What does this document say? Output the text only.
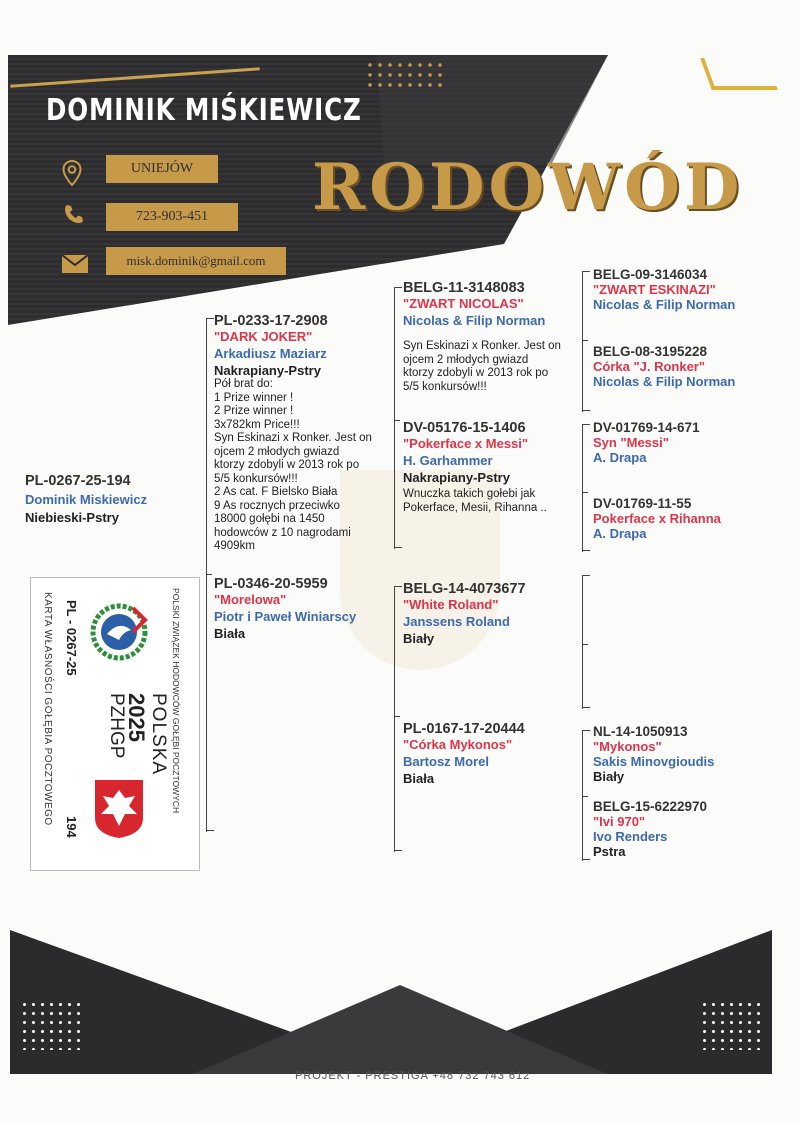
DOMINIK MIŚKIEWICZ
RODOWÓD
UNIEJÓW
723-903-451
misk.dominik@gmail.com
PL-0267-25-194
Dominik Miskiewicz
Niebieski-Pstry
PL-0233-17-2908
"DARK JOKER"
Arkadiusz Maziarz
Nakrapiany-Pstry
Pół brat do:
1 Prize winner !
2 Prize winner !
3x782km Price!!!
Syn Eskinazi x Ronker. Jest on
ojcem 2 młodych gwiazd
ktorzy zdobyli w 2013 rok po
5/5 konkursów!!!
2 As cat. F Bielsko Biała
9 As rocznych przeciwko
18000 gołębi na 1450
hodowców z 10 nagrodami
4909km
PL-0346-20-5959
"Morelowa"
Piotr i Paweł Winiarscy
Biała
BELG-11-3148083
"ZWART NICOLAS"
Nicolas & Filip Norman
Syn Eskinazi x Ronker. Jest on
ojcem 2 młodych gwiazd
ktorzy zdobyli w 2013 rok po
5/5 konkursów!!!
DV-05176-15-1406
"Pokerface x Messi"
H. Garhammer
Nakrapiany-Pstry
Wnuczka takich gołebi jak
Pokerface, Mesii, Rihanna ..
BELG-14-4073677
"White Roland"
Janssens Roland
Biały
PL-0167-17-20444
"Córka Mykonos"
Bartosz Morel
Biała
BELG-09-3146034
"ZWART ESKINAZI"
Nicolas & Filip Norman
BELG-08-3195228
Córka "J. Ronker"
Nicolas & Filip Norman
DV-01769-14-671
Syn "Messi"
A. Drapa
DV-01769-11-55
Pokerface x Rihanna
A. Drapa
NL-14-1050913
"Mykonos"
Sakis Minovgioudis
Biały
BELG-15-6222970
"Ivi 970"
Ivo Renders
Pstra
POLSKI ZWIĄZEK HODOWCÓW GOŁĘBI POCZTOWYCH
POLSKA
2025
PZHGP
PL - 0267-25
194
KARTA WŁASNOŚCI GOŁĘBIA POCZTOWEGO
PROJEKT - PRESTIGA +48 732 743 612
